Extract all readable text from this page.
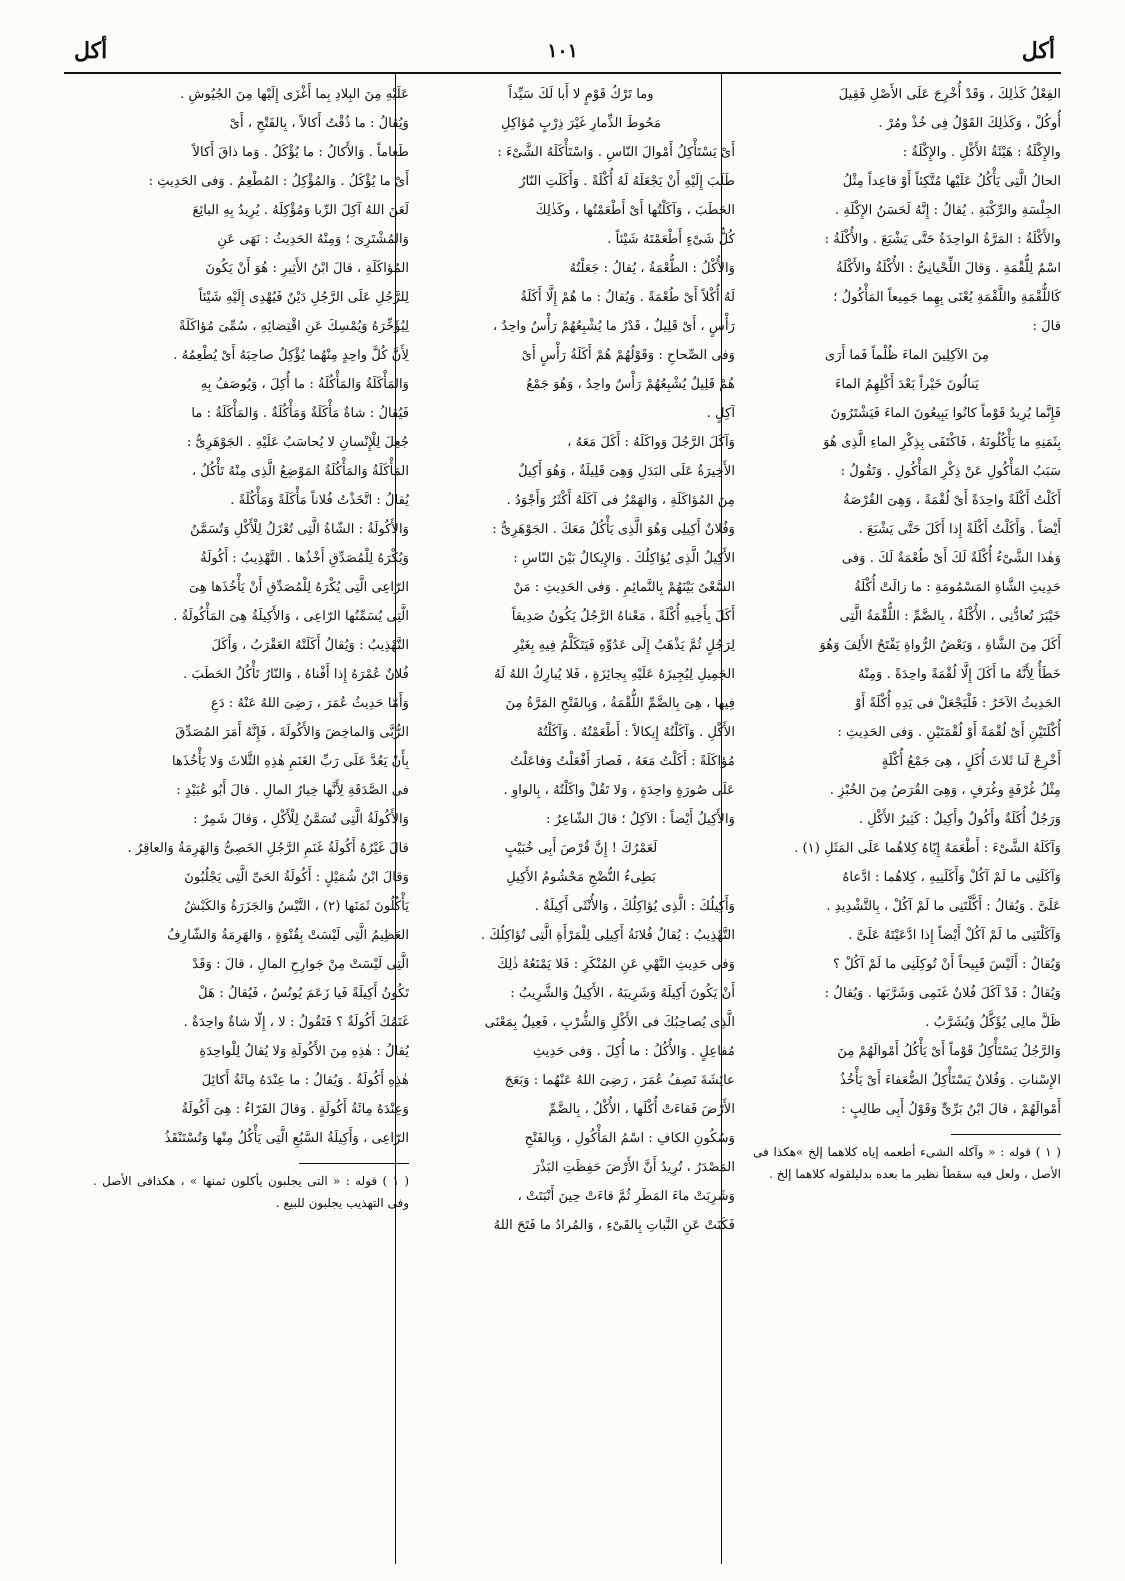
أكل
١٠١
أكل
الفِعْلُ كَذٰلِكَ ، وَقَدْ أُخْرِجَ عَلَى الأَصْلِ فَقِيلَ
أُوكُلْ ، وَكَذٰلِكَ القَوْلُ فِى خُذْ ومُرْ .
والإِكْلَةُ : هَيْئَةُ الأَكْلِ . والإِكْلَةُ :
الحالُ الَّتِى يَأْكُلُ عَلَيْها مُتَّكِئاً أَوْ قاعِداً مِثْلُ
الجِلْسَةِ والرِّكْبَةِ . يُقالُ : إِنَّهُ لَحَسَنُ الإِكْلَةِ .
والأَكْلَةُ : المَرَّةُ الواحِدَةُ حَتَّى يَشْبَعَ . والأُكْلَةُ :
اسْمٌ لِلُّقْمَةِ . وَقالَ اللِّحْيانِىُّ : الأُكْلَةُ والأَكْلَةُ
كَاللُّقْمَةِ واللَّقْمَةِ يُعْنَى بِهِما جَمِيعاً المَأْكُولُ ؛
قالَ :
مِنَ الآكِلِينَ الماءَ ظُلْماً فَما أَرَى
يَنالُونَ خَيْراً بَعْدَ أَكْلِهِمُ الماءَ
فَإِنَّما يُرِيدُ قَوْماً كانُوا يَبِيعُونَ الماءَ فَيَشْتَرُونَ
بِثَمَنِهِ ما يَأْكُلُونَهُ ، فَاكْتَفَى بِذِكْرِ الماءِ الَّذِى هُوَ
سَبَبُ المَأْكُولِ عَنْ ذِكْرِ المَأْكُولِ . وَتَقُولُ :
أَكَلْتُ أَكْلَةً واحِدَةً أَىْ لُقْمَةً ، وَهِىَ القُرْصَةُ
أَيْضاً . وَأَكَلْتُ أَكْلَةً إِذا أَكَلَ حَتَّى يَشْبَعَ .
وَهٰذا الشَّىْءُ أُكْلَةٌ لَكَ أَىْ طُعْمَةٌ لَكَ . وَفى
حَدِيثِ الشَّاةِ المَسْمُومَةِ : ما زالَتْ أُكْلَةُ
خَيْبَرَ تُعادُّنِى ، الأُكْلَةُ ، بِالضَّمِّ : اللُّقْمَةُ الَّتِى
أَكَلَ مِنَ الشَّاةِ ، وَبَعْضُ الرُّواةِ يَفْتَحُ الأَلِفَ وَهُوَ
خَطَأٌ لِأَنَّهُ ما أَكَلَ إِلَّا لُقْمَةً واحِدَةً . وَمِنْهُ
الحَدِيثُ الآخَرُ : فَلْيَجْعَلْ فى يَدِهِ أُكْلَةً أَوْ
أُكْلَتَيْنِ أَىْ لُقْمَةً أَوْ لُقْمَتَيْنِ . وَفى الحَدِيثِ :
أَخْرِجْ لَنا ثَلاثَ أُكَلٍ ، هِىَ جَمْعُ أُكْلَةٍ
مِثْلُ غُرْفَةٍ وغُرَفٍ ، وَهِىَ القُرَصُ مِنَ الخُبْزِ .
وَرَجُلٌ أُكَلَةٌ وأَكُولٌ وأَكِيلٌ : كَثِيرُ الأَكْلِ .
وَآكَلَهُ الشَّىْءَ : أَطْعَمَهُ إِيّاهُ كِلاهُما عَلَى المَثَلِ (١) .
وَآكَلَنِى ما لَمْ آكُلْ وَأَكَلَنِيهِ ، كِلاهُما : ادَّعاهُ
عَلَىَّ . وَيُقالُ : أَكَّلْتَنِى ما لَمْ آكُلْ ، بِالتَّشْدِيدِ .
وَآكَلْتَنِى ما لَمْ آكُلْ أَيْضاً إِذا ادَّعَيْتَهُ عَلَىَّ .
وَيُقالُ : أَلَيْسَ قَبِيحاً أَنْ تُوكِلَنِى ما لَمْ آكُلْ ؟
وَيُقالُ : قَدْ آكَلَ فُلانٌ غَنَمِى وَشَرَّبَها . وَيُقالُ :
ظَلَّ مالِى يُؤَكَّلُ وَيُشَرَّبُ .
وَالرَّجُلُ يَسْتَأْكِلُ قَوْماً أَىْ يَأْكُلُ أَمْوالَهُمْ مِنَ
الإِسْناتِ . وَفُلانٌ يَسْتَأْكِلُ الضُّعَفاءَ أَىْ يَأْخُذُ
أَمْوالَهُمْ ، قالَ ابْنُ بَرِّىٍّ وَقَوْلُ أَبِى طالِبٍ :
( ١ ) قوله : « وآكله الشىء أطعمه إياه كلاهما إلخ »هكذا فى الأصل ، ولعل فيه سقطاً نظير ما بعده بدليلقوله كلاهما إلخ .
وما تَرْكُ قَوْمٍ لا أَبا لَكَ سَيِّداً
مَحُوطَ الذِّمارِ غَيْرَ ذِرْبٍ مُؤاكِلِ
أَىْ يَسْتَأْكِلُ أَمْوالَ النّاسِ . وَاسْتَأْكَلَهُ الشَّىْءَ :
طَلَبَ إِلَيْهِ أَنْ يَجْعَلَهُ لَهُ أُكْلَةً . وَأَكَلَتِ النّارُ
الحَطَبَ ، وَآكَلْتُها أَىْ أَطْعَمْتُها ، وكَذٰلِكَ
كُلُّ شَىْءٍ أَطْعَمْتَهُ شَيْئاً .
وَالأُكْلُ : الطُّعْمَةُ ، يُقالُ : جَعَلْتُهُ
لَهُ أُكْلاً أَىْ طُعْمَةً . وَيُقالُ : ما هُمْ إِلَّا أَكَلَةُ
رَأْسٍ ، أَىْ قَلِيلٌ ، قَدْرُ ما يُشْبِعُهُمْ رَأْسٌ واحِدٌ ،
وَفى الصِّحاحِ : وَقَوْلُهُمْ هُمْ أَكَلَةُ رَأْسٍ أَىْ
هُمْ قَلِيلٌ يُشْبِعُهُمْ رَأْسٌ واحِدٌ ، وَهُوَ جَمْعُ
آكِلٍ .
وَآكَلَ الرَّجُلَ وَواكَلَهُ : أَكَلَ مَعَهُ ،
الأَخِيرَةُ عَلَى البَدَلِ وَهِىَ قَلِيلَةٌ ، وَهُوَ أَكِيلٌ
مِنَ المُؤاكَلَةِ ، وَالهَمْزُ فى آكَلَهُ أَكْثَرُ وَأَجْوَدُ .
وَفُلانٌ أَكِيلِى وَهُوَ الَّذِى يَأْكُلُ مَعَكَ . الجَوْهَرِىُّ :
الأَكِيلُ الَّذِى يُؤاكِلُكَ . وَالإِيكالُ بَيْنَ النّاسِ :
السَّعْىُ بَيْنَهُمْ بِالنَّمائِمِ . وَفى الحَدِيثِ : مَنْ
أَكَلَ بِأَخِيهِ أُكْلَةً ، مَعْناهُ الرَّجُلُ يَكُونُ صَدِيقاً
لِرَجُلٍ ثُمَّ يَذْهَبُ إِلَى عَدُوِّهِ فَيَتَكَلَّمُ فِيهِ بِغَيْرِ
الجَمِيلِ لِيُجِيزَهُ عَلَيْهِ بِجائِزَةٍ ، فَلا يُبارِكُ اللهُ لَهُ
فِيها ، هِىَ بِالضَّمِّ اللُّقْمَةُ ، وَبِالفَتْحِ المَرَّةُ مِنَ
الأَكْلِ . وَآكَلْتُهُ إِيكالاً : أَطْعَمْتُهُ . وَآكَلْتُهُ
مُؤاكَلَةً : أَكَلْتُ مَعَهُ ، فَصارَ أَفْعَلْتُ وَفاعَلْتُ
عَلَى صُورَةٍ واحِدَةٍ ، وَلا تَقُلْ واكَلْتُهُ ، بِالواوِ .
وَالأَكِيلُ أَيْضاً : الآكِلُ ؛ قالَ الشّاعِرُ :
لَعَمْرُكَ ! إِنَّ قُرْصَ أَبِى خُبَيْبٍ
بَطِىءُ النُّضْجِ مَحْشُومُ الأَكِيلِ
وَأَكِيلُكَ : الَّذِى يُؤاكِلُكَ ، وَالأُنْثَى أَكِيلَةٌ .
التَّهْذِيبُ : يُقالُ فُلانَةُ أَكِيلِى لِلْمَرْأَةِ الَّتِى تُؤاكِلُكَ .
وَفى حَدِيثِ النَّهْىِ عَنِ المُنْكَرِ : فَلا يَمْنَعُهُ ذٰلِكَ
أَنْ يَكُونَ أَكِيلَهُ وَشَرِيبَهُ ، الأَكِيلُ وَالشَّرِيبُ :
الَّذِى يُصاحِبُكَ فى الأَكْلِ وَالشُّرْبِ ، فَعِيلٌ بِمَعْنَى
مُفاعِلٍ . وَالأُكُلُ : ما أُكِلَ . وَفى حَدِيثِ
عائِشَةَ تَصِفُ عُمَرَ ، رَضِىَ اللهُ عَنْهُما : وَبَعَجَ
الأَرْضَ فَقاءَتْ أُكْلَها ، الأُكْلُ ، بِالضَّمِّ
وَسُكُونِ الكافِ : اسْمُ المَأْكُولِ ، وَبِالفَتْحِ
المَصْدَرُ ، تُرِيدُ أَنَّ الأَرْضَ حَفِظَتِ البَذْرَ
وَشَرِبَتْ ماءَ المَطَرِ ثُمَّ قاءَتْ حِينَ أَنْبَتَتْ ،
فَكَنَتْ عَنِ النَّباتِ بِالقَىْءِ ، وَالمُرادُ ما فَتَحَ اللهُ
عَلَيْهِ مِنَ البِلادِ بِما أَغْزَى إِلَيْها مِنَ الجُيُوشِ .
وَيُقالُ : ما ذُقْتُ أَكالاً ، بِالفَتْحِ ، أَىْ
طَعاماً . وَالأَكالُ : ما يُؤْكَلُ . وَما ذاقَ أَكالاً
أَىْ ما يُؤْكَلُ . وَالمُؤْكِلُ : المُطْعِمُ . وَفى الحَدِيثِ :
لَعَنَ اللهُ آكِلَ الرِّبا وَمُؤْكِلَهُ . يُرِيدُ بِهِ البائِعَ
وَالمُشْتَرِىَ ؛ وَمِنْهُ الحَدِيثُ : نَهَى عَنِ
المُؤاكَلَةِ ، قالَ ابْنُ الأَثِيرِ : هُوَ أَنْ يَكُونَ
لِلرَّجُلِ عَلَى الرَّجُلِ دَيْنٌ فَيُهْدِى إِلَيْهِ شَيْئاً
لِيُؤَخِّرَهُ وَيُمْسِكَ عَنِ اقْتِضائِهِ ، سُمِّىَ مُؤاكَلَةً
لِأَنَّ كُلَّ واحِدٍ مِنْهُما يُؤْكِلُ صاحِبَهُ أَىْ يُطْعِمُهُ .
وَالمَأْكَلَةُ وَالمَأْكُلَةُ : ما أُكِلَ ، وَيُوصَفُ بِهِ
فَيُقالُ : شاةٌ مَأْكَلَةٌ وَمَأْكُلَةٌ . وَالمَأْكَلَةُ : ما
جُعِلَ لِلْإِنْسانِ لا يُحاسَبُ عَلَيْهِ . الجَوْهَرِىُّ :
المَأْكَلَةُ وَالمَأْكُلَةُ المَوْضِعُ الَّذِى مِنْهُ تَأْكُلُ ،
يُقالُ : اتَّخَذْتُ فُلاناً مَأْكَلَةً وَمَأْكُلَةً .
وَالأَكُولَةُ : الشّاةُ الَّتِى تُعْزَلُ لِلْأَكْلِ وَتُسَمَّنُ
وَيُكْرَهُ لِلْمُصَدِّقِ أَخْذُها . التَّهْذِيبُ : أَكُولَةُ
الرّاعِى الَّتِى يُكْرَهُ لِلْمُصَدِّقِ أَنْ يَأْخُذَها هِىَ
الَّتِى يُسَمِّنُها الرّاعِى ، وَالأَكِيلَةُ هِىَ المَأْكُولَةُ .
التَّهْذِيبُ : وَيُقالُ أَكَلَتْهُ العَقْرَبُ ، وَأَكَلَ
فُلانٌ عُمْرَهُ إِذا أَفْناهُ ، وَالنّارُ تَأْكُلُ الحَطَبَ .
وَأَمّا حَدِيثُ عُمَرَ ، رَضِىَ اللهُ عَنْهُ : دَعِ
الرُّبَّى وَالماخِضَ وَالأَكُولَةَ ، فَإِنَّهُ أَمَرَ المُصَدِّقَ
بِأَنْ يَعُدَّ عَلَى رَبِّ الغَنَمِ هٰذِهِ الثَّلاثَ وَلا يَأْخُذَها
فى الصَّدَقَةِ لِأَنَّها خِيارُ المالِ . قالَ أَبُو عُبَيْدٍ :
وَالأَكُولَةُ الَّتِى تُسَمَّنُ لِلْأَكْلِ ، وَقالَ شَمِرٌ :
قالَ غَيْرُهُ أَكُولَةُ غَنَمِ الرَّجُلِ الخَصِىُّ وَالهَرِمَةُ وَالعاقِرُ .
وَقالَ ابْنُ شُمَيْلٍ : أَكُولَةُ الحَىِّ الَّتِى يَجْلُبُونَ
يَأْكُلُونَ ثَمَنَها (٢) ، التَّيْسُ وَالجَزَرَةُ وَالكَبْشُ
العَظِيمُ الَّتِى لَيْسَتْ بِقُنْوَةٍ ، وَالهَرِمَةُ وَالشّارِفُ
الَّتِى لَيْسَتْ مِنْ جَوارِحِ المالِ ، قالَ : وَقَدْ
تَكُونُ أَكِيلَةً فَيا زَعَمَ يُونُسُ ، فَيُقالُ : هَلْ
غَنَمُكَ أَكُولَةٌ ؟ فَتَقُولُ : لا ، إِلّا شاةٌ واحِدَةٌ .
يُقالُ : هٰذِهِ مِنَ الأَكُولَةِ وَلا يُقالُ لِلْواحِدَةِ
هٰذِهِ أَكُولَةٌ . وَيُقالُ : ما عِنْدَهُ مِائَةُ أَكائِلَ
وَعِنْدَهُ مِائَةُ أَكُولَةٍ . وَقالَ الفَرّاءُ : هِىَ أَكُولَةُ
الرّاعِى ، وَأَكِيلَةُ السَّبُعِ الَّتِى يَأْكُلُ مِنْها وَتُسْتَنْقَذُ
( ١ ) قوله : « التى يجلبون يأكلون ثمنها » ، هكذافى الأصل . وفى التهذيب يجلبون للبيع .
